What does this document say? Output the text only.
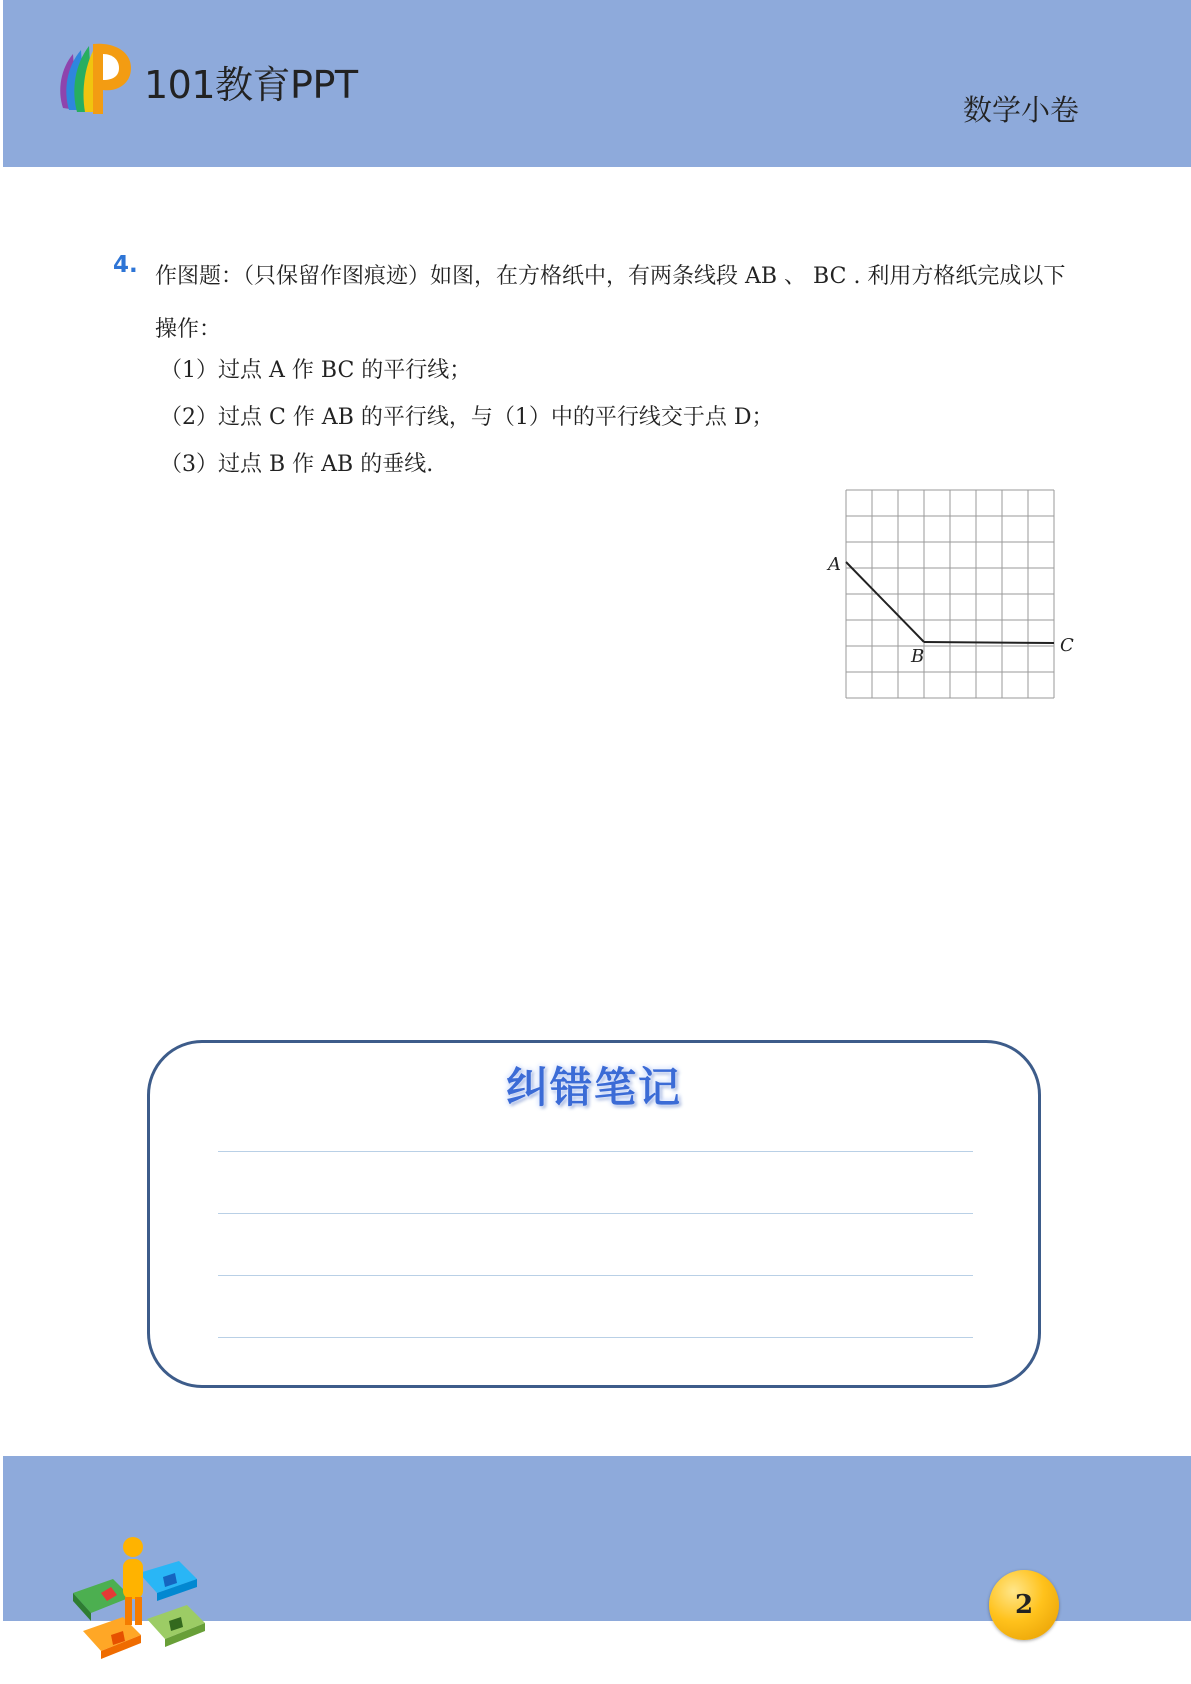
101教育PPT
数学小卷
4. 作图题：（只保留作图痕迹）如图，在方格纸中，有两条线段 AB 、 BC . 利用方格纸完成以下操作：
（1）过点 A 作 BC 的平行线；
（2）过点 C 作 AB 的平行线，与（1）中的平行线交于点 D；
（3）过点 B 作 AB 的垂线.
A
B
C
纠错笔记
2
